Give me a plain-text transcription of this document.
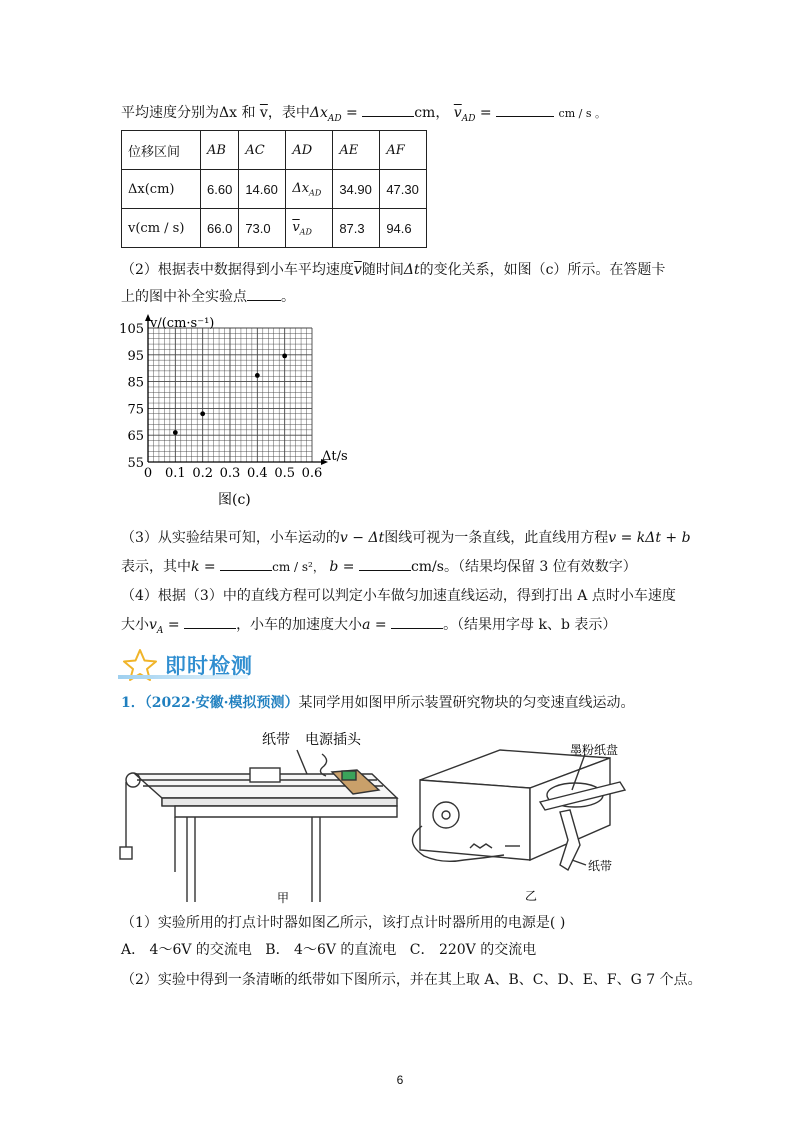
平均速度分别为Δx 和 $\overline{v}$，表中$\Delta x_{AD}$ =	cm， $\overline{v}_{AD}$ =	cm / s 。
位移区间	AB	AC	AD	AE	AF
Δx(cm)	6.60	14.60	$\Delta x_{AD}$	34.90	47.30
v(cm / s)	66.0	73.0	$\overline{v}_{AD}$	87.3	94.6
（2）根据表中数据得到小车平均速度$\overline{v}$随时间Δt的变化关系，如图（c）所示。在答题卡
上的图中补全实验点 。
0 0.1 0.2 0.3 0.4 0.5 0.6
55
65
75
85
95
105 v/(cm·s⁻¹)
Δt/s
图(c)
（3）从实验结果可知，小车运动的v − Δt图线可视为一条直线，此直线用方程v = kΔt + b
表示，其中k =	cm / s²， b =	cm/s。（结果均保留 3 位有效数字）
（4）根据（3）中的直线方程可以判定小车做匀加速直线运动，得到打出 A 点时小车速度
大小$v_A$ =	，小车的加速度大小a =	。（结果用字母 k、b 表示）
即时检测
1．（2022·安徽·模拟预测）某同学用如图甲所示装置研究物块的匀变速直线运动。
纸带 电源插头
甲
墨粉纸盘
纸带
乙
（1）实验所用的打点计时器如图乙所示，该打点计时器所用的电源是( )
A． 4～6V 的交流电 B． 4～6V 的直流电 C． 220V 的交流电
（2）实验中得到一条清晰的纸带如下图所示，并在其上取 A、B、C、D、E、F、G 7 个点。
6
